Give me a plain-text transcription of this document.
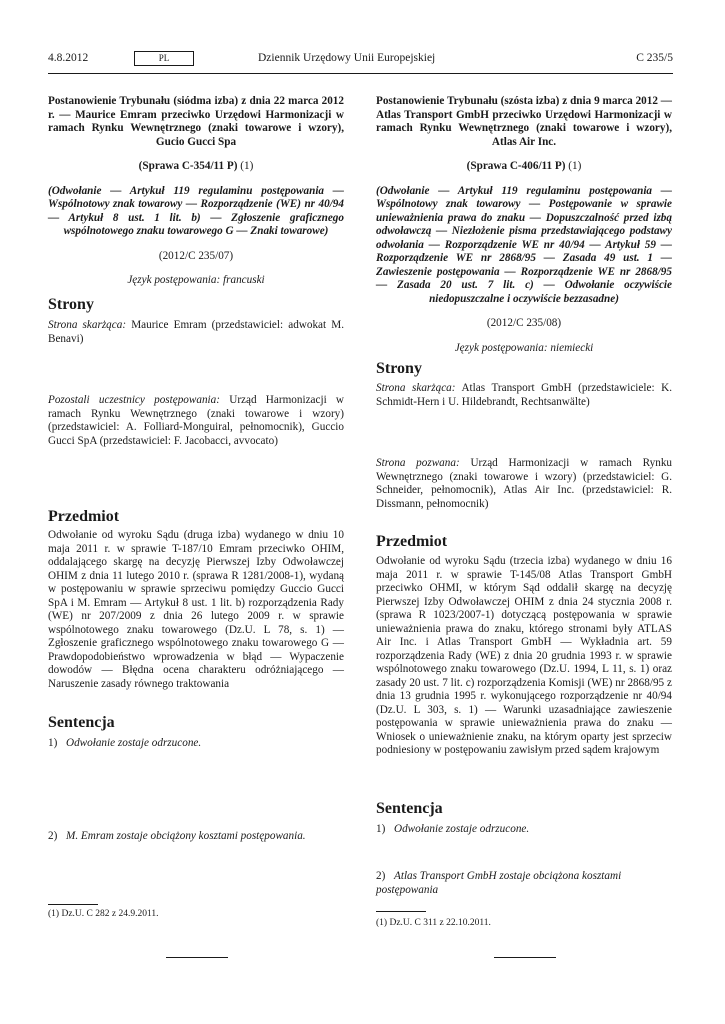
4.8.2012	PL	Dziennik Urzędowy Unii Europejskiej	C 235/5

Postanowienie Trybunału (siódma izba) z dnia 22 marca 2012 r. — Maurice Emram przeciwko Urzędowi Harmonizacji w ramach Rynku Wewnętrznego (znaki towarowe i wzory), Gucio Gucci Spa

(Sprawa C-354/11 P) (1)

(Odwołanie — Artykuł 119 regulaminu postępowania — Wspólnotowy znak towarowy — Rozporządzenie (WE) nr 40/94 — Artykuł 8 ust. 1 lit. b) — Zgłoszenie graficznego wspólnotowego znaku towarowego G — Znaki towarowe)

(2012/C 235/07)

Język postępowania: francuski

Strony

Strona skarżąca: Maurice Emram (przedstawiciel: adwokat M. Benavi)

Pozostali uczestnicy postępowania: Urząd Harmonizacji w ramach Rynku Wewnętrznego (znaki towarowe i wzory) (przedstawiciel: A. Folliard-Monguiral, pełnomocnik), Guccio Gucci SpA (przedstawiciel: F. Jacobacci, avvocato)

Przedmiot

Odwołanie od wyroku Sądu (druga izba) wydanego w dniu 10 maja 2011 r. w sprawie T-187/10 Emram przeciwko OHIM, oddalającego skargę na decyzję Pierwszej Izby Odwoławczej OHIM z dnia 11 lutego 2010 r. (sprawa R 1281/2008-1), wydaną w postępowaniu w sprawie sprzeciwu pomiędzy Guccio Gucci SpA i M. Emram — Artykuł 8 ust. 1 lit. b) rozporządzenia Rady (WE) nr 207/2009 z dnia 26 lutego 2009 r. w sprawie wspólnotowego znaku towarowego (Dz.U. L 78, s. 1) — Zgłoszenie graficznego wspólnotowego znaku towarowego G — Prawdopodobieństwo wprowadzenia w błąd — Wypaczenie dowodów — Błędna ocena charakteru odróżniającego — Naruszenie zasady równego traktowania

Sentencja

1) Odwołanie zostaje odrzucone.

2) M. Emram zostaje obciążony kosztami postępowania.

(1) Dz.U. C 282 z 24.9.2011.

Postanowienie Trybunału (szósta izba) z dnia 9 marca 2012 — Atlas Transport GmbH przeciwko Urzędowi Harmonizacji w ramach Rynku Wewnętrznego (znaki towarowe i wzory), Atlas Air Inc.

(Sprawa C-406/11 P) (1)

(Odwołanie — Artykuł 119 regulaminu postępowania — Wspólnotowy znak towarowy — Postępowanie w sprawie unieważnienia prawa do znaku — Dopuszczalność przed izbą odwoławczą — Niezłożenie pisma przedstawiającego podstawy odwołania — Rozporządzenie WE nr 40/94 — Artykuł 59 — Rozporządzenie WE nr 2868/95 — Zasada 49 ust. 1 — Zawieszenie postępowania — Rozporządzenie WE nr 2868/95 — Zasada 20 ust. 7 lit. c) — Odwołanie oczywiście niedopuszczalne i oczywiście bezzasadne)

(2012/C 235/08)

Język postępowania: niemiecki

Strony

Strona skarżąca: Atlas Transport GmbH (przedstawiciele: K. Schmidt-Hern i U. Hildebrandt, Rechtsanwälte)

Strona pozwana: Urząd Harmonizacji w ramach Rynku Wewnętrznego (znaki towarowe i wzory) (przedstawiciel: G. Schneider, pełnomocnik), Atlas Air Inc. (przedstawiciel: R. Dissmann, pełnomocnik)

Przedmiot

Odwołanie od wyroku Sądu (trzecia izba) wydanego w dniu 16 maja 2011 r. w sprawie T-145/08 Atlas Transport GmbH przeciwko OHMI, w którym Sąd oddalił skargę na decyzję Pierwszej Izby Odwoławczej OHIM z dnia 24 stycznia 2008 r. (sprawa R 1023/2007-1) dotyczącą postępowania w sprawie unieważnienia prawa do znaku, którego stronami były ATLAS Air Inc. i Atlas Transport GmbH — Wykładnia art. 59 rozporządzenia Rady (WE) z dnia 20 grudnia 1993 r. w sprawie wspólnotowego znaku towarowego (Dz.U. 1994, L 11, s. 1) oraz zasady 20 ust. 7 lit. c) rozporządzenia Komisji (WE) nr 2868/95 z dnia 13 grudnia 1995 r. wykonującego rozporządzenie nr 40/94 (Dz.U. L 303, s. 1) — Warunki uzasadniające zawieszenie postępowania w sprawie unieważnienia prawa do znaku — Wniosek o unieważnienie znaku, na którym oparty jest sprzeciw podniesiony w postępowaniu zawisłym przed sądem krajowym

Sentencja

1) Odwołanie zostaje odrzucone.

2) Atlas Transport GmbH zostaje obciążona kosztami postępowania

(1) Dz.U. C 311 z 22.10.2011.
